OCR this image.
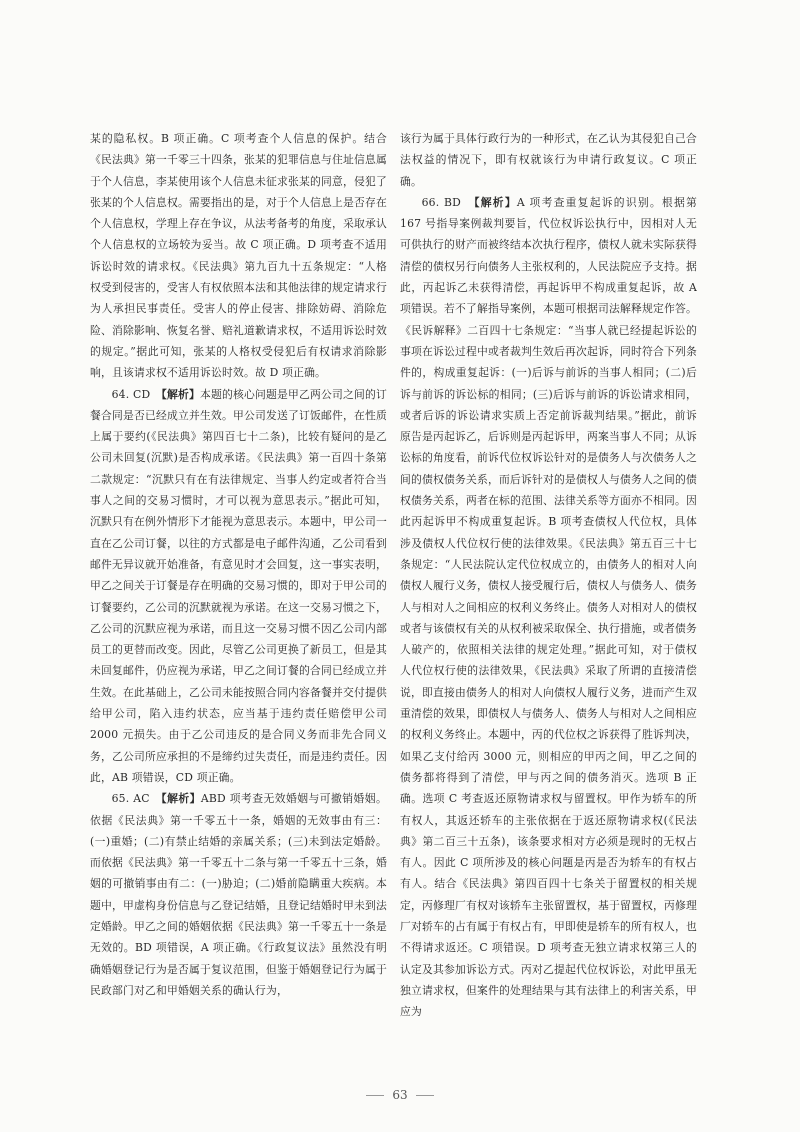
某的隐私权。B 项正确。C 项考查个人信息的保护。结合《民法典》第一千零三十四条，张某的犯罪信息与住址信息属于个人信息，李某使用该个人信息未征求张某的同意，侵犯了张某的个人信息权。需要指出的是，对于个人信息上是否存在个人信息权，学理上存在争议，从法考备考的角度，采取承认个人信息权的立场较为妥当。故 C 项正确。D 项考查不适用诉讼时效的请求权。《民法典》第九百九十五条规定：“人格权受到侵害的，受害人有权依照本法和其他法律的规定请求行为人承担民事责任。受害人的停止侵害、排除妨碍、消除危险、消除影响、恢复名誉、赔礼道歉请求权，不适用诉讼时效的规定。”据此可知，张某的人格权受侵犯后有权请求消除影响，且该请求权不适用诉讼时效。故 D 项正确。

64. CD　【解析】本题的核心问题是甲乙两公司之间的订餐合同是否已经成立并生效。甲公司发送了订饭邮件，在性质上属于要约(《民法典》第四百七十二条)，比较有疑问的是乙公司未回复(沉默)是否构成承诺。《民法典》第一百四十条第二款规定：“沉默只有在有法律规定、当事人约定或者符合当事人之间的交易习惯时，才可以视为意思表示。”据此可知，沉默只有在例外情形下才能视为意思表示。本题中，甲公司一直在乙公司订餐，以往的方式都是电子邮件沟通，乙公司看到邮件无异议就开始准备，有意见时才会回复，这一事实表明，甲乙之间关于订餐是存在明确的交易习惯的，即对于甲公司的订餐要约，乙公司的沉默就视为承诺。在这一交易习惯之下，乙公司的沉默应视为承诺，而且这一交易习惯不因乙公司内部员工的更替而改变。因此，尽管乙公司更换了新员工，但是其未回复邮件，仍应视为承诺，甲乙之间订餐的合同已经成立并生效。在此基础上，乙公司未能按照合同内容备餐并交付提供给甲公司，陷入违约状态，应当基于违约责任赔偿甲公司 2000 元损失。由于乙公司违反的是合同义务而非先合同义务，乙公司所应承担的不是缔约过失责任，而是违约责任。因此，AB 项错误，CD 项正确。

65. AC　【解析】ABD 项考查无效婚姻与可撤销婚姻。依据《民法典》第一千零五十一条，婚姻的无效事由有三：(一)重婚；(二)有禁止结婚的亲属关系；(三)未到法定婚龄。而依据《民法典》第一千零五十二条与第一千零五十三条，婚姻的可撤销事由有二：(一)胁迫；(二)婚前隐瞒重大疾病。本题中，甲虚构身份信息与乙登记结婚，且登记结婚时甲未到法定婚龄。甲乙之间的婚姻依据《民法典》第一千零五十一条是无效的。BD 项错误，A 项正确。《行政复议法》虽然没有明确婚姻登记行为是否属于复议范围，但鉴于婚姻登记行为属于民政部门对乙和甲婚姻关系的确认行为，

该行为属于具体行政行为的一种形式，在乙认为其侵犯自己合法权益的情况下，即有权就该行为申请行政复议。C 项正确。

66. BD　【解析】A 项考查重复起诉的识别。根据第 167 号指导案例裁判要旨，代位权诉讼执行中，因相对人无可供执行的财产而被终结本次执行程序，债权人就未实际获得清偿的债权另行向债务人主张权利的，人民法院应予支持。据此，丙起诉乙未获得清偿，再起诉甲不构成重复起诉，故 A 项错误。若不了解指导案例，本题可根据司法解释规定作答。《民诉解释》二百四十七条规定：“当事人就已经提起诉讼的事项在诉讼过程中或者裁判生效后再次起诉，同时符合下列条件的，构成重复起诉：(一)后诉与前诉的当事人相同；(二)后诉与前诉的诉讼标的相同；(三)后诉与前诉的诉讼请求相同，或者后诉的诉讼请求实质上否定前诉裁判结果。”据此，前诉原告是丙起诉乙，后诉则是丙起诉甲，两案当事人不同；从诉讼标的角度看，前诉代位权诉讼针对的是债务人与次债务人之间的债权债务关系，而后诉针对的是债权人与债务人之间的债权债务关系，两者在标的范围、法律关系等方面亦不相同。因此丙起诉甲不构成重复起诉。B 项考查债权人代位权，具体涉及债权人代位权行使的法律效果。《民法典》第五百三十七条规定：“人民法院认定代位权成立的，由债务人的相对人向债权人履行义务，债权人接受履行后，债权人与债务人、债务人与相对人之间相应的权利义务终止。债务人对相对人的债权或者与该债权有关的从权利被采取保全、执行措施，或者债务人破产的，依照相关法律的规定处理。”据此可知，对于债权人代位权行使的法律效果，《民法典》采取了所谓的直接清偿说，即直接由债务人的相对人向债权人履行义务，进而产生双重清偿的效果，即债权人与债务人、债务人与相对人之间相应的权利义务终止。本题中，丙的代位权之诉获得了胜诉判决，如果乙支付给丙 3000 元，则相应的甲丙之间，甲乙之间的债务都将得到了清偿，甲与丙之间的债务消灭。选项 B 正确。选项 C 考查返还原物请求权与留置权。甲作为轿车的所有权人，其返还轿车的主张依据在于返还原物请求权(《民法典》第二百三十五条)，该条要求相对方必须是现时的无权占有人。因此 C 项所涉及的核心问题是丙是否为轿车的有权占有人。结合《民法典》第四百四十七条关于留置权的相关规定，丙修理厂有权对该轿车主张留置权，基于留置权，丙修理厂对轿车的占有属于有权占有，甲即使是轿车的所有权人，也不得请求返还。C 项错误。D 项考查无独立请求权第三人的认定及其参加诉讼方式。丙对乙提起代位权诉讼，对此甲虽无独立请求权，但案件的处理结果与其有法律上的利害关系，甲应为

63
